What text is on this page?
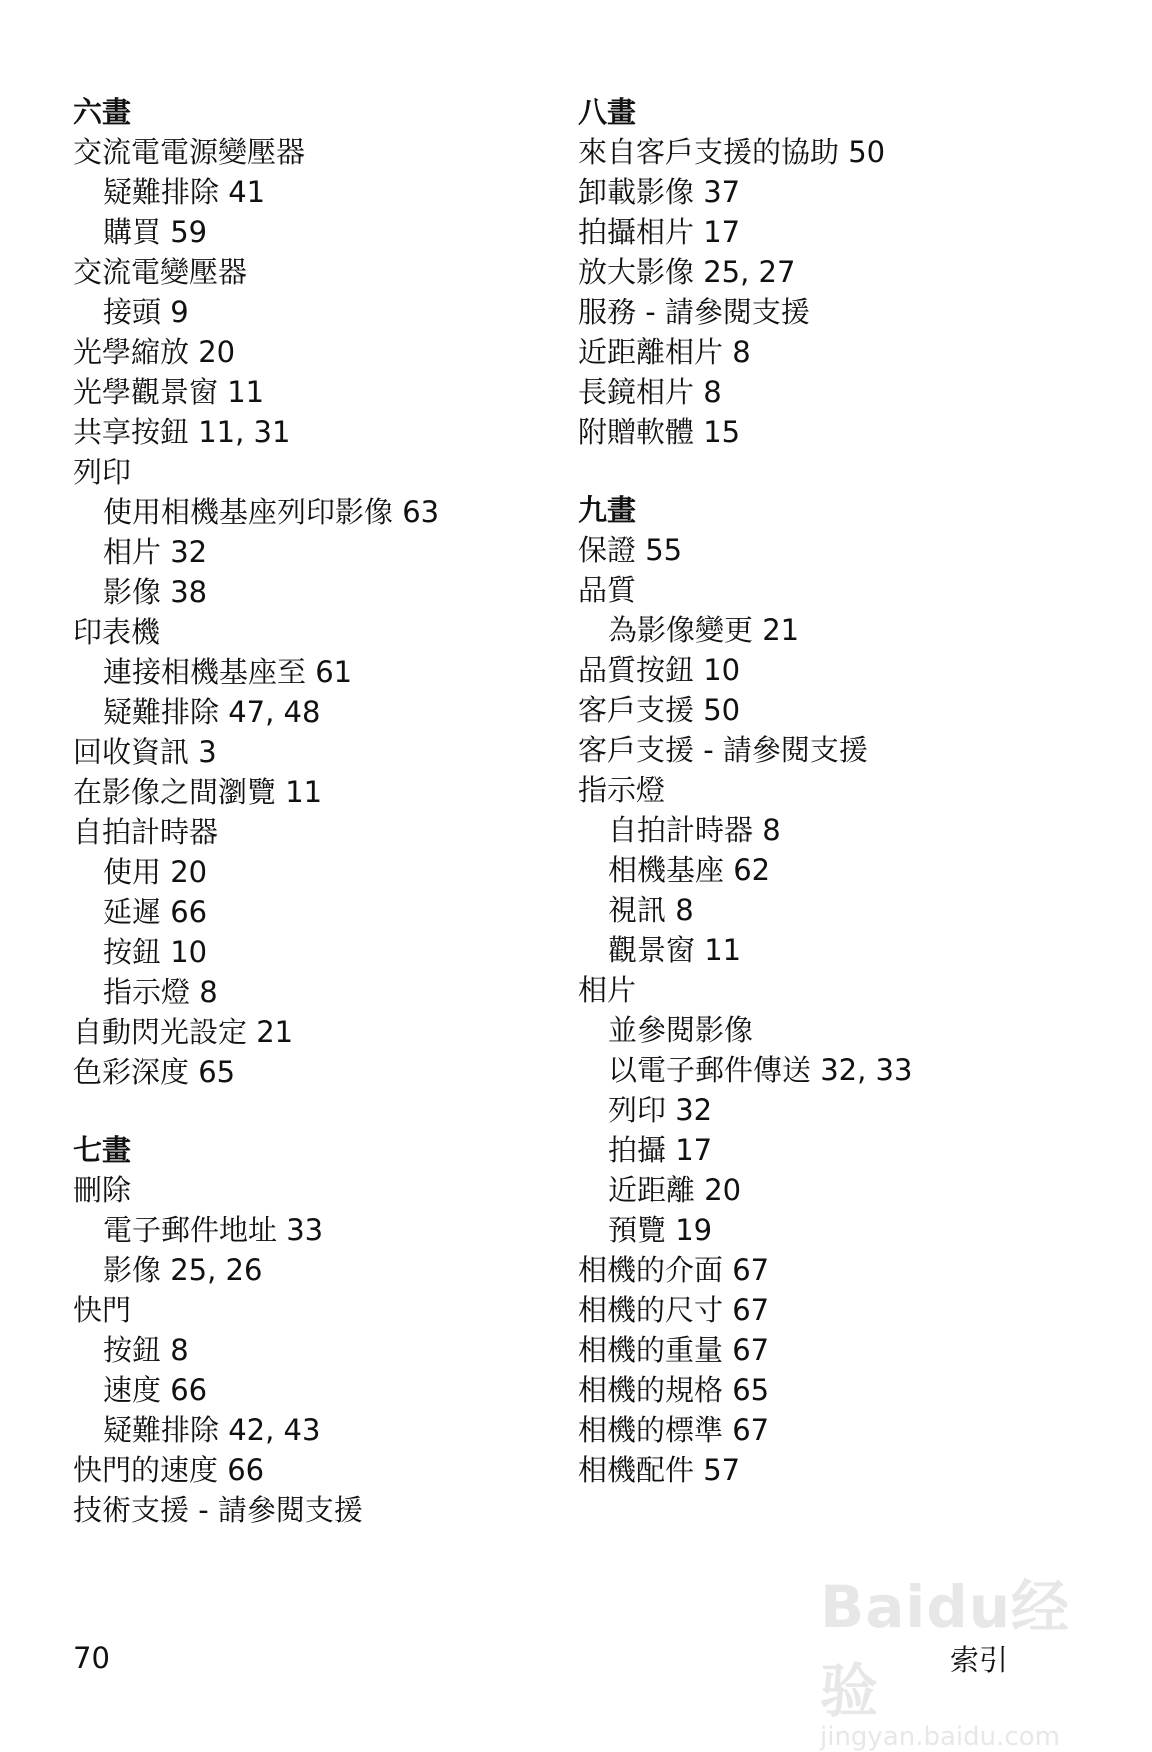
六畫
交流電電源變壓器
疑難排除 41
購買 59
交流電變壓器
接頭 9
光學縮放 20
光學觀景窗 11
共享按鈕 11, 31
列印
使用相機基座列印影像 63
相片 32
影像 38
印表機
連接相機基座至 61
疑難排除 47, 48
回收資訊 3
在影像之間瀏覽 11
自拍計時器
使用 20
延遲 66
按鈕 10
指示燈 8
自動閃光設定 21
色彩深度 65
七畫
刪除
電子郵件地址 33
影像 25, 26
快門
按鈕 8
速度 66
疑難排除 42, 43
快門的速度 66
技術支援 - 請參閱支援
八畫
來自客戶支援的協助 50
卸載影像 37
拍攝相片 17
放大影像 25, 27
服務 - 請參閱支援
近距離相片 8
長鏡相片 8
附贈軟體 15
九畫
保證 55
品質
為影像變更 21
品質按鈕 10
客戶支援 50
客戶支援 - 請參閱支援
指示燈
自拍計時器 8
相機基座 62
視訊 8
觀景窗 11
相片
並參閱影像
以電子郵件傳送 32, 33
列印 32
拍攝 17
近距離 20
預覽 19
相機的介面 67
相機的尺寸 67
相機的重量 67
相機的規格 65
相機的標準 67
相機配件 57
70	索引
Baidu经验
jingyan.baidu.com
